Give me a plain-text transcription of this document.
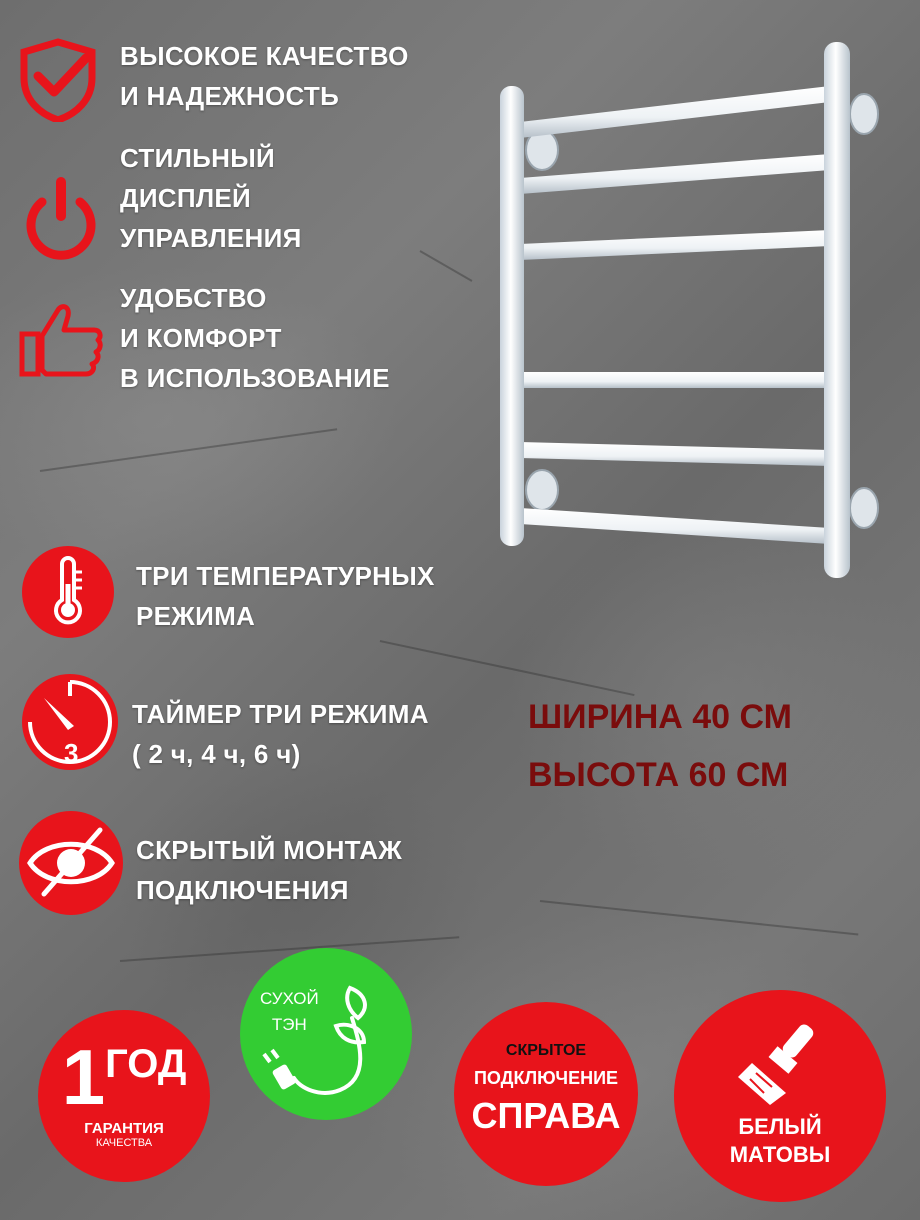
ВЫСОКОЕ КАЧЕСТВО
И НАДЕЖНОСТЬ
СТИЛЬНЫЙ
ДИСПЛЕЙ
УПРАВЛЕНИЯ
УДОБСТВО
И КОМФОРТ
В ИСПОЛЬЗОВАНИЕ
ТРИ ТЕМПЕРАТУРНЫХ
РЕЖИМА
3
ТАЙМЕР ТРИ РЕЖИМА
( 2 ч, 4 ч, 6 ч)
СКРЫТЫЙ МОНТАЖ
ПОДКЛЮЧЕНИЯ
ШИРИНА 40 СМ
ВЫСОТА 60 СМ
1 ГОД
ГАРАНТИЯ
КАЧЕСТВА
СУХОЙ
ТЭН
СКРЫТОЕ
ПОДКЛЮЧЕНИЕ
СПРАВА	БЕЛЫЙ
МАТОВЫ
